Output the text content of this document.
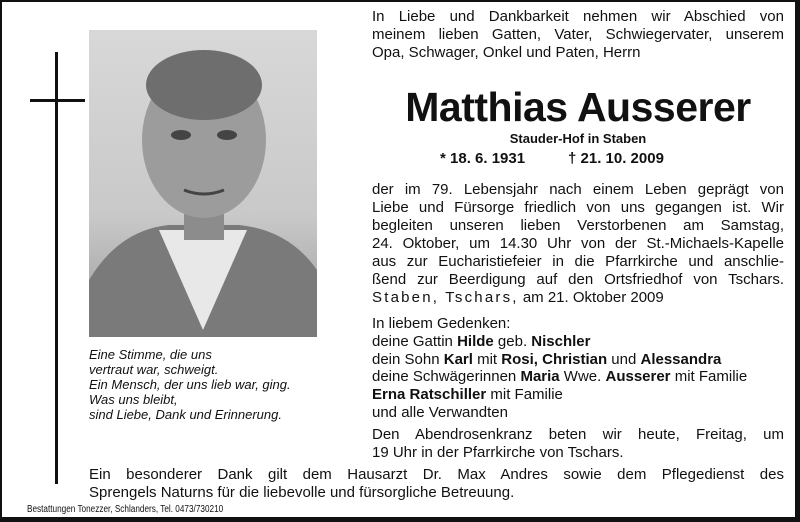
Eine Stimme, die uns
vertraut war, schweigt.
Ein Mensch, der uns lieb war, ging.
Was uns bleibt,
sind Liebe, Dank und Erinnerung.
In Liebe und Dankbarkeit nehmen wir Abschied von
meinem lieben Gatten, Vater, Schwiegervater, unserem
Opa, Schwager, Onkel und Paten, Herrn
Matthias Ausserer
Stauder-Hof in Staben
* 18. 6. 1931	† 21. 10. 2009
der im 79. Lebensjahr nach einem Leben geprägt von
Liebe und Fürsorge friedlich von uns gegangen ist. Wir
begleiten unseren lieben Verstorbenen am Samstag,
24. Oktober, um 14.30 Uhr von der St.-Michaels-Kapelle
aus zur Eucharistiefeier in die Pfarrkirche und anschlie-
ßend zur Beerdigung auf den Ortsfriedhof von Tschars.
Staben, Tschars, am 21. Oktober 2009
In liebem Gedenken:
deine Gattin Hilde geb. Nischler
dein Sohn Karl mit Rosi, Christian und Alessandra
deine Schwägerinnen Maria Wwe. Ausserer mit Familie
Erna Ratschiller mit Familie
und alle Verwandten
Den Abendrosenkranz beten wir heute, Freitag, um
19 Uhr in der Pfarrkirche von Tschars.
Ein besonderer Dank gilt dem Hausarzt Dr. Max Andres sowie dem Pflegedienst des
Sprengels Naturns für die liebevolle und fürsorgliche Betreuung.
Bestattungen Tonezzer, Schlanders, Tel. 0473/730210
